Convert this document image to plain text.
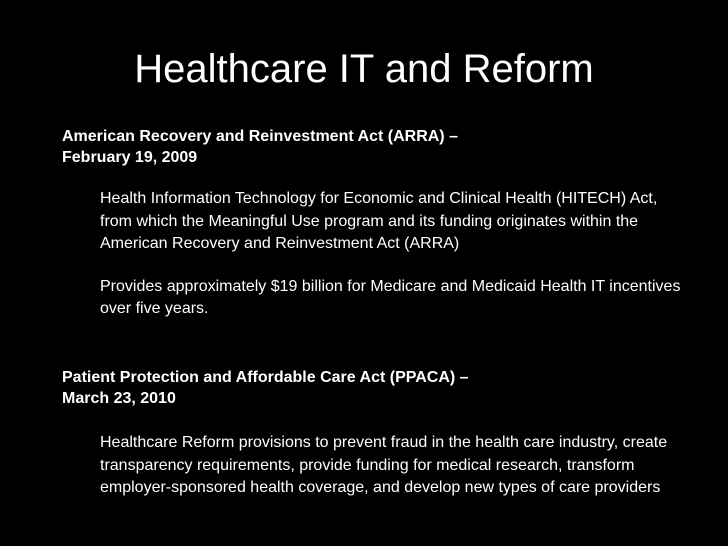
Healthcare IT and Reform

American Recovery and Reinvestment Act (ARRA) –
February 19, 2009

Health Information Technology for Economic and Clinical Health (HITECH) Act, from which the Meaningful Use program and its funding originates within the American Recovery and Reinvestment Act (ARRA)

Provides approximately $19 billion for Medicare and Medicaid Health IT incentives over five years.

Patient Protection and Affordable Care Act (PPACA) –
March 23, 2010

Healthcare Reform provisions to prevent fraud in the health care industry, create transparency requirements, provide funding for medical research, transform employer-sponsored health coverage, and develop new types of care providers
